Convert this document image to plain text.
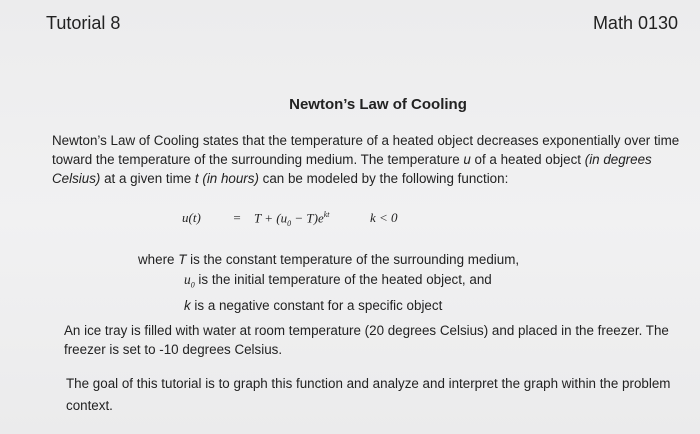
Tutorial 8	Math 0130
Newton’s Law of Cooling
Newton’s Law of Cooling states that the temperature of a heated object decreases exponentially over time toward the temperature of the surrounding medium. The temperature u of a heated object (in degrees Celsius) at a given time t (in hours) can be modeled by the following function:
u(t)	= $T + (u_0 - T)e^{kt}$	k < 0
where T is the constant temperature of the surrounding medium,
$u_0$ is the initial temperature of the heated object, and
k is a negative constant for a specific object
An ice tray is filled with water at room temperature (20 degrees Celsius) and placed in the freezer. The freezer is set to -10 degrees Celsius.
The goal of this tutorial is to graph this function and analyze and interpret the graph within the problem context.
